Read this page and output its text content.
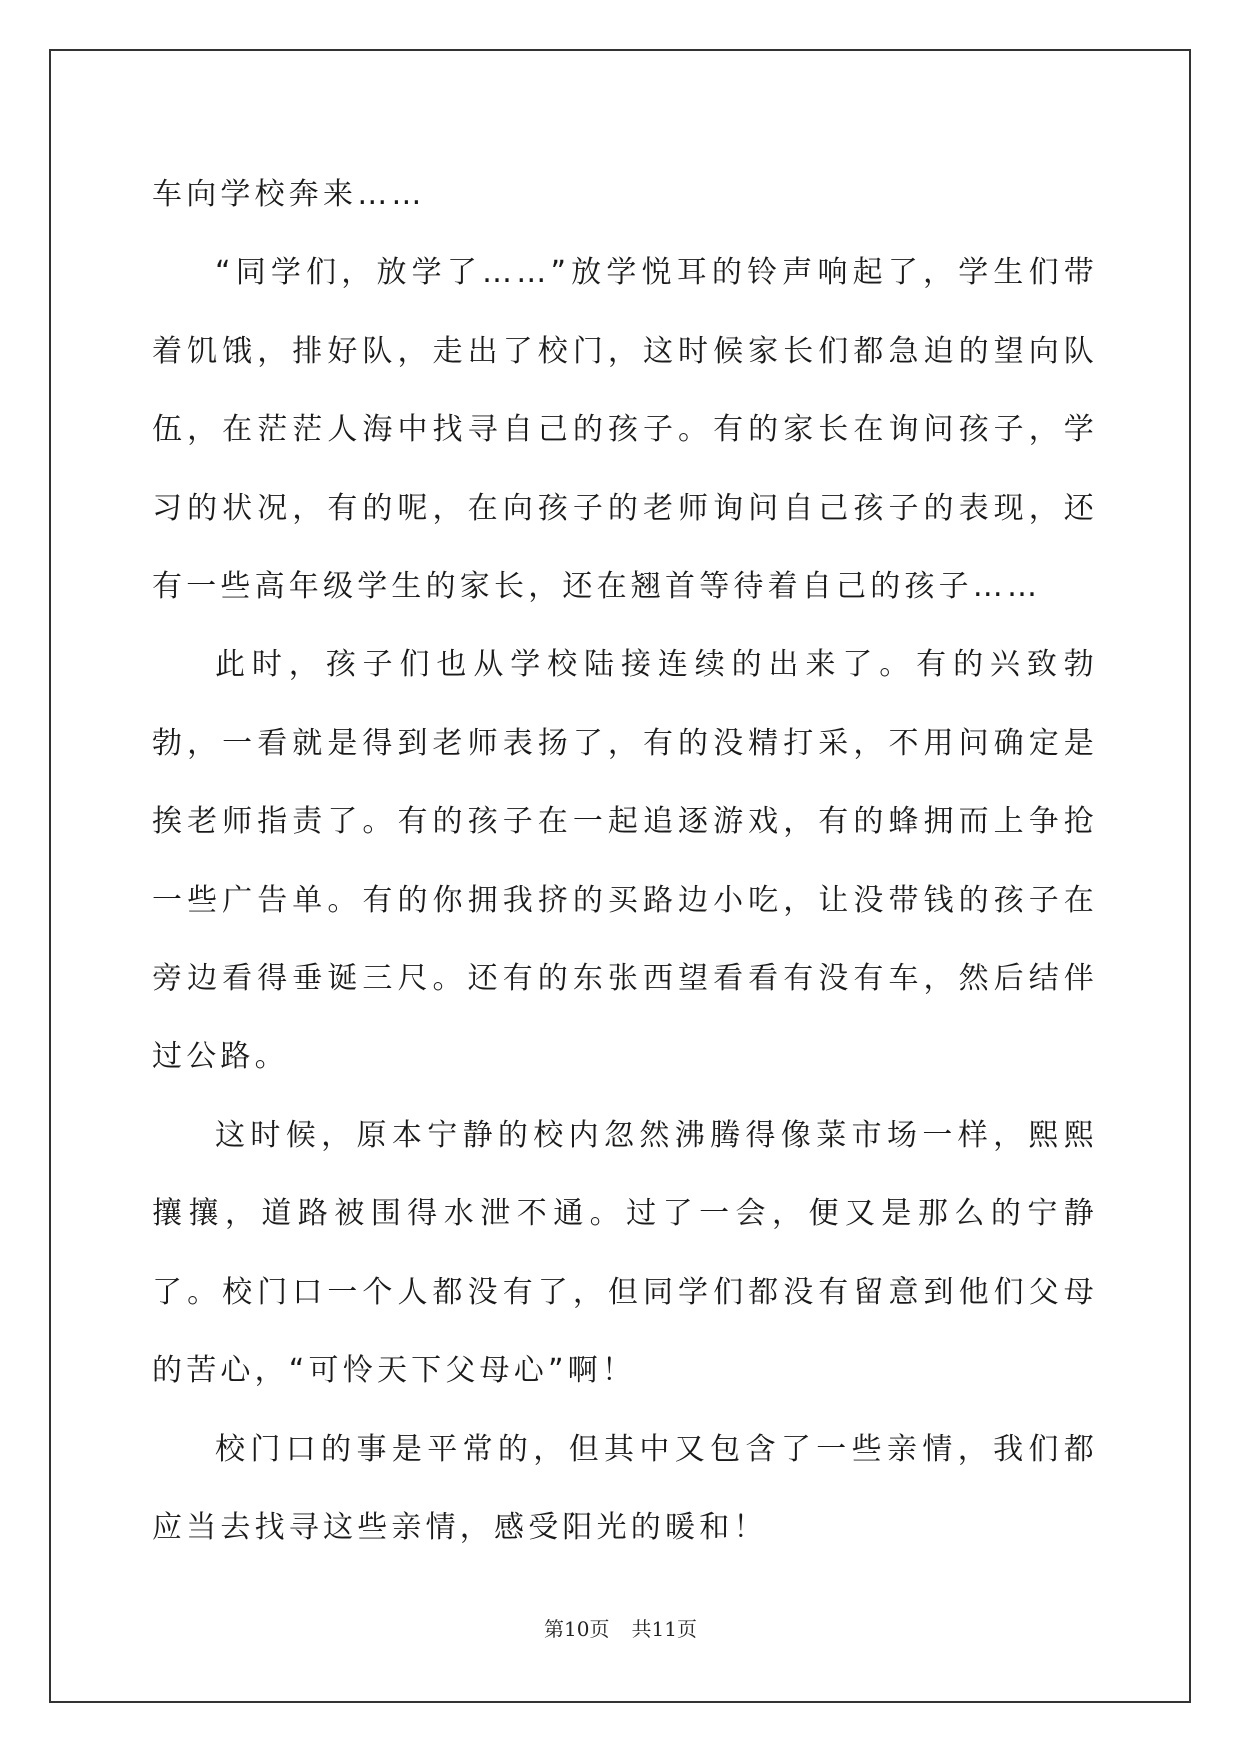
车向学校奔来……

“同学们，放学了……”放学悦耳的铃声响起了，学生们带着饥饿，排好队，走出了校门，这时候家长们都急迫的望向队伍，在茫茫人海中找寻自己的孩子。有的家长在询问孩子，学习的状况，有的呢，在向孩子的老师询问自己孩子的表现，还有一些高年级学生的家长，还在翘首等待着自己的孩子……

此时，孩子们也从学校陆接连续的出来了。有的兴致勃勃，一看就是得到老师表扬了，有的没精打采，不用问确定是挨老师指责了。有的孩子在一起追逐游戏，有的蜂拥而上争抢一些广告单。有的你拥我挤的买路边小吃，让没带钱的孩子在旁边看得垂诞三尺。还有的东张西望看看有没有车，然后结伴过公路。

这时候，原本宁静的校内忽然沸腾得像菜市场一样，熙熙攘攘，道路被围得水泄不通。过了一会，便又是那么的宁静了。校门口一个人都没有了，但同学们都没有留意到他们父母的苦心，“可怜天下父母心”啊！

校门口的事是平常的，但其中又包含了一些亲情，我们都应当去找寻这些亲情，感受阳光的暖和！

第10页 共11页
